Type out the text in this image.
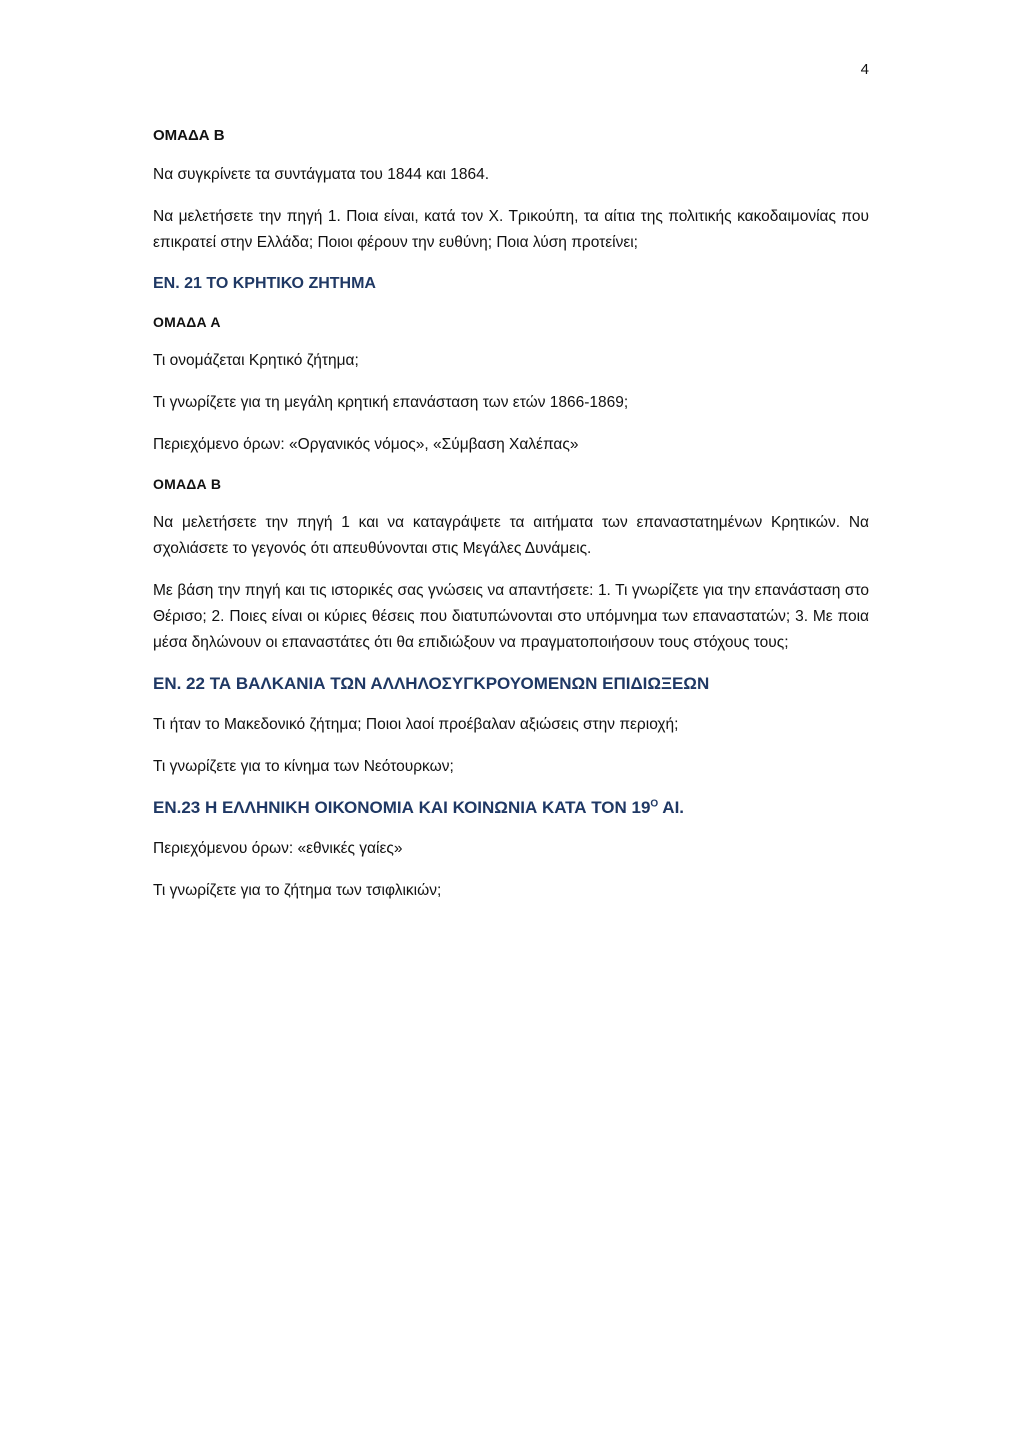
4
ΟΜΑΔΑ Β

Να συγκρίνετε τα συντάγματα του 1844 και 1864.

Να μελετήσετε την πηγή 1. Ποια είναι, κατά τον Χ. Τρικούπη, τα αίτια της πολιτικής κακοδαιμονίας που επικρατεί στην Ελλάδα; Ποιοι φέρουν την ευθύνη; Ποια λύση προτείνει;

ΕΝ. 21 ΤΟ ΚΡΗΤΙΚΟ ΖΗΤΗΜΑ
ΟΜΑΔΑ Α

Τι ονομάζεται Κρητικό ζήτημα;

Τι γνωρίζετε για τη μεγάλη κρητική επανάσταση των ετών 1866-1869;

Περιεχόμενο όρων: «Οργανικός νόμος», «Σύμβαση Χαλέπας»

ΟΜΑΔΑ Β

Να μελετήσετε την πηγή 1 και να καταγράψετε τα αιτήματα των επαναστατημένων Κρητικών. Να σχολιάσετε το γεγονός ότι απευθύνονται στις Μεγάλες Δυνάμεις.

Με βάση την πηγή και τις ιστορικές σας γνώσεις να απαντήσετε: 1. Τι γνωρίζετε για την επανάσταση στο Θέρισο; 2. Ποιες είναι οι κύριες θέσεις που διατυπώνονται στο υπόμνημα των επαναστατών; 3. Με ποια μέσα δηλώνουν οι επαναστάτες ότι θα επιδιώξουν να πραγματοποιήσουν τους στόχους τους;

ΕΝ. 22 ΤΑ ΒΑΛΚΑΝΙΑ ΤΩΝ ΑΛΛΗΛΟΣΥΓΚΡΟΥΟΜΕΝΩΝ ΕΠΙΔΙΩΞΕΩΝ

Τι ήταν το Μακεδονικό ζήτημα; Ποιοι λαοί προέβαλαν αξιώσεις στην περιοχή;

Τι γνωρίζετε για το κίνημα των Νεότουρκων;

ΕΝ.23 Η ΕΛΛΗΝΙΚΗ ΟΙΚΟΝΟΜΙΑ ΚΑΙ ΚΟΙΝΩΝΙΑ ΚΑΤΑ ΤΟΝ $19^O$ ΑΙ.

Περιεχόμενου όρων: «εθνικές γαίες»

Τι γνωρίζετε για το ζήτημα των τσιφλικιών;
